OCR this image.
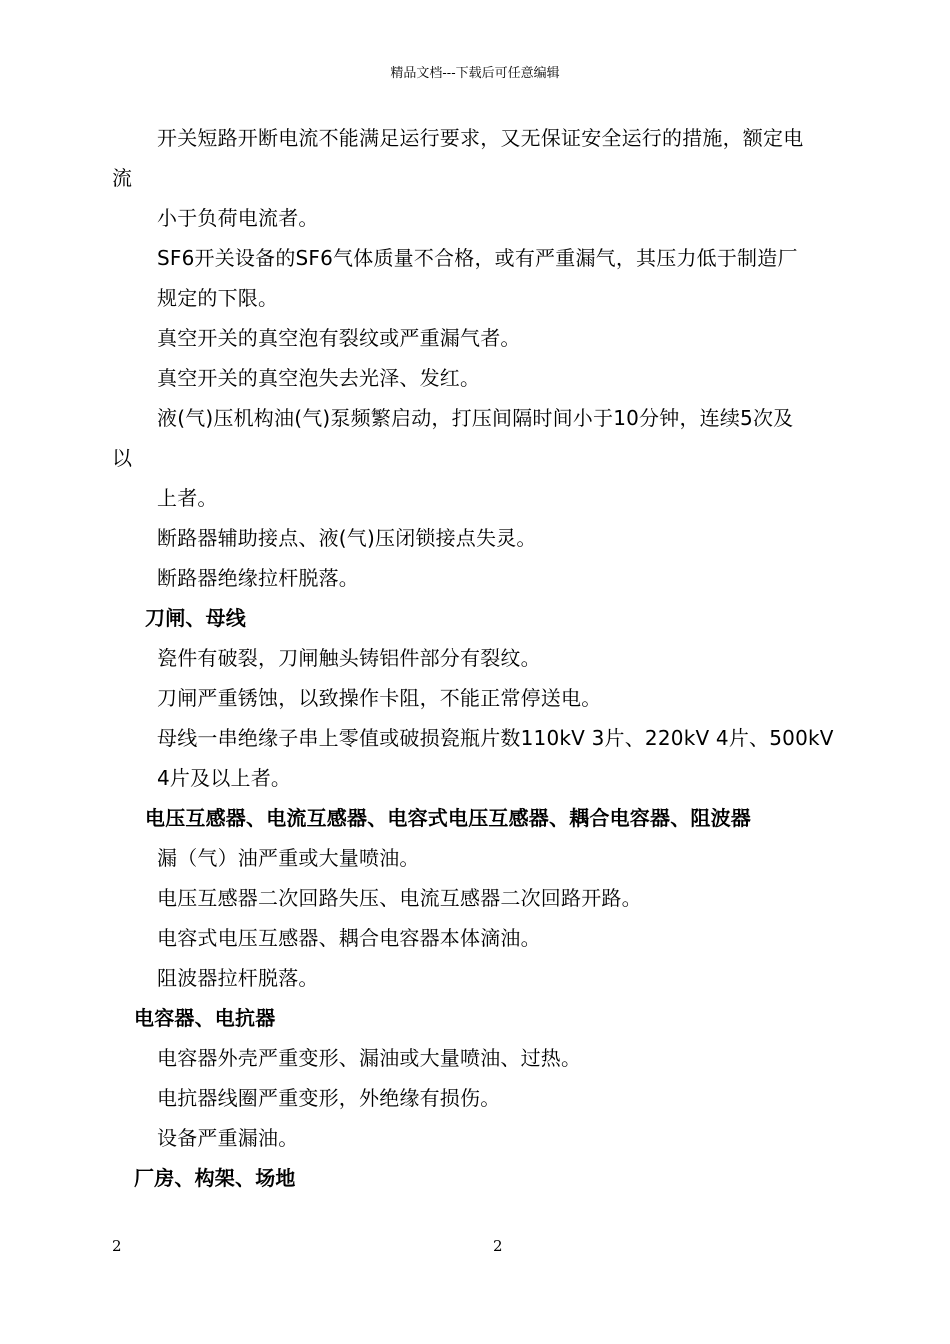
精品文档---下载后可任意编辑
开关短路开断电流不能满足运行要求，又无保证安全运行的措施，额定电
流
小于负荷电流者。
SF6开关设备的SF6气体质量不合格，或有严重漏气，其压力低于制造厂
规定的下限。
真空开关的真空泡有裂纹或严重漏气者。
真空开关的真空泡失去光泽、发红。
液(气)压机构油(气)泵频繁启动，打压间隔时间小于10分钟，连续5次及
以
上者。
断路器辅助接点、液(气)压闭锁接点失灵。
断路器绝缘拉杆脱落。
刀闸、母线
瓷件有破裂，刀闸触头铸铝件部分有裂纹。
刀闸严重锈蚀，以致操作卡阻，不能正常停送电。
母线一串绝缘子串上零值或破损瓷瓶片数110kV 3片、220kV 4片、500kV
4片及以上者。
电压互感器、电流互感器、电容式电压互感器、耦合电容器、阻波器
漏（气）油严重或大量喷油。
电压互感器二次回路失压、电流互感器二次回路开路。
电容式电压互感器、耦合电容器本体滴油。
阻波器拉杆脱落。
电容器、电抗器
电容器外壳严重变形、漏油或大量喷油、过热。
电抗器线圈严重变形，外绝缘有损伤。
设备严重漏油。
厂房、构架、场地
2	2
